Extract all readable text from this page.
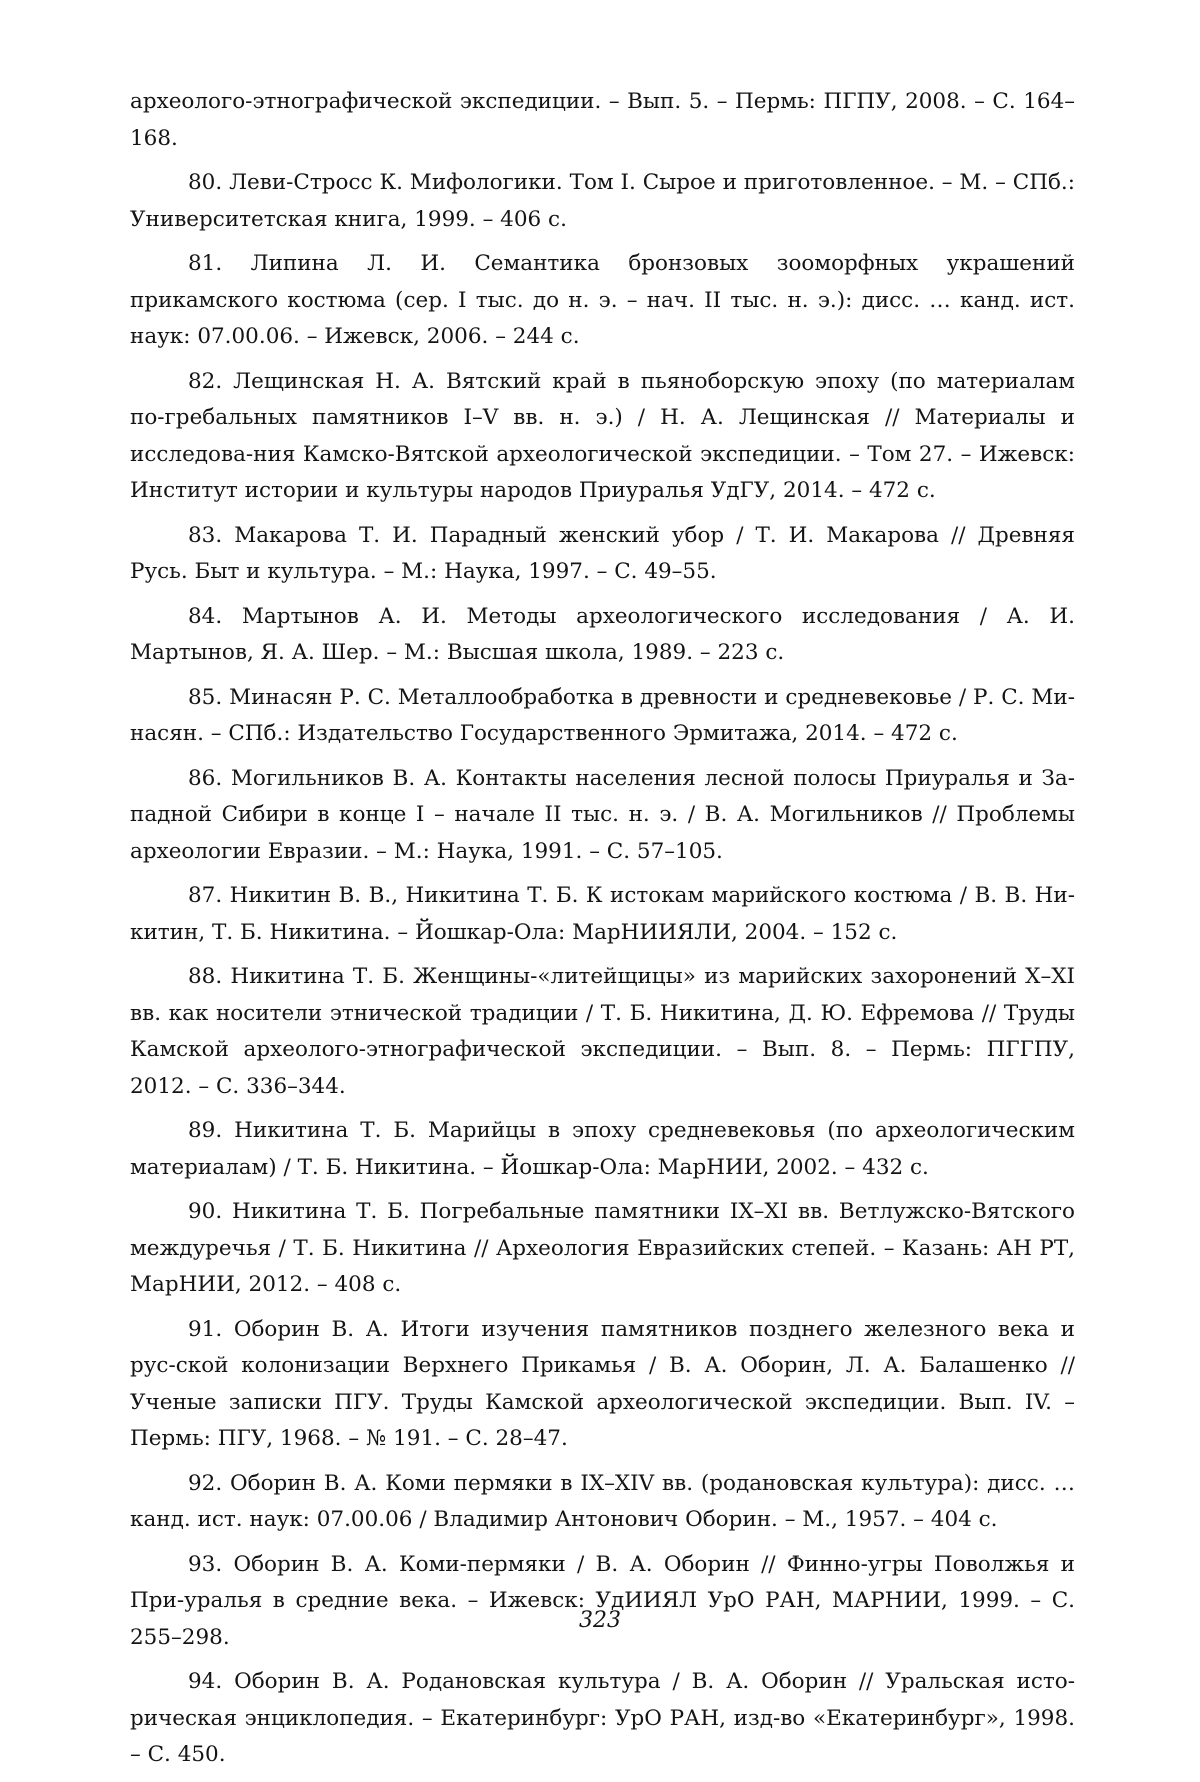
археолого-этнографической экспедиции. – Вып. 5. – Пермь: ПГПУ, 2008. – С. 164–168.

80. Леви-Стросс К. Мифологики. Том I. Сырое и приготовленное. – М. – СПб.: Университетская книга, 1999. – 406 с.

81. Липина Л. И. Семантика бронзовых зооморфных украшений прикамского костюма (сер. I тыс. до н. э. – нач. II тыс. н. э.): дисс. … канд. ист. наук: 07.00.06. – Ижевск, 2006. – 244 с.

82. Лещинская Н. А. Вятский край в пьяноборскую эпоху (по материалам по-гребальных памятников I–V вв. н. э.) / Н. А. Лещинская // Материалы и исследова-ния Камско-Вятской археологической экспедиции. – Том 27. – Ижевск: Институт истории и культуры народов Приуралья УдГУ, 2014. – 472 с.

83. Макарова Т. И. Парадный женский убор / Т. И. Макарова // Древняя Русь. Быт и культура. – М.: Наука, 1997. – С. 49–55.

84. Мартынов А. И. Методы археологического исследования / А. И. Мартынов, Я. А. Шер. – М.: Высшая школа, 1989. – 223 с.

85. Минасян Р. С. Металлообработка в древности и средневековье / Р. С. Ми-насян. – СПб.: Издательство Государственного Эрмитажа, 2014. – 472 с.

86. Могильников В. А. Контакты населения лесной полосы Приуралья и За-падной Сибири в конце I – начале II тыс. н. э. / В. А. Могильников // Проблемы археологии Евразии. – М.: Наука, 1991. – С. 57–105.

87. Никитин В. В., Никитина Т. Б. К истокам марийского костюма / В. В. Ни-китин, Т. Б. Никитина. – Йошкар-Ола: МарНИИЯЛИ, 2004. – 152 с.

88. Никитина Т. Б. Женщины-«литейщицы» из марийских захоронений X–XI вв. как носители этнической традиции / Т. Б. Никитина, Д. Ю. Ефремова // Труды Камской археолого-этнографической экспедиции. – Вып. 8. – Пермь: ПГГПУ, 2012. – С. 336–344.

89. Никитина Т. Б. Марийцы в эпоху средневековья (по археологическим материалам) / Т. Б. Никитина. – Йошкар-Ола: МарНИИ, 2002. – 432 с.

90. Никитина Т. Б. Погребальные памятники IX–XI вв. Ветлужско-Вятского междуречья / Т. Б. Никитина // Археология Евразийских степей. – Казань: АН РТ, МарНИИ, 2012. – 408 с.

91. Оборин В. А. Итоги изучения памятников позднего железного века и рус-ской колонизации Верхнего Прикамья / В. А. Оборин, Л. А. Балашенко // Ученые записки ПГУ. Труды Камской археологической экспедиции. Вып. IV. – Пермь: ПГУ, 1968. – № 191. – С. 28–47.

92. Оборин В. А. Коми пермяки в IX–XIV вв. (родановская культура): дисс. … канд. ист. наук: 07.00.06 / Владимир Антонович Оборин. – М., 1957. – 404 с.

93. Оборин В. А. Коми-пермяки / В. А. Оборин // Финно-угры Поволжья и При-уралья в средние века. – Ижевск: УдИИЯЛ УрО РАН, МАРНИИ, 1999. – С. 255–298.

94. Оборин В. А. Родановская культура / В. А. Оборин // Уральская исто-рическая энциклопедия. – Екатеринбург: УрО РАН, изд-во «Екатеринбург», 1998. – С. 450.

323
